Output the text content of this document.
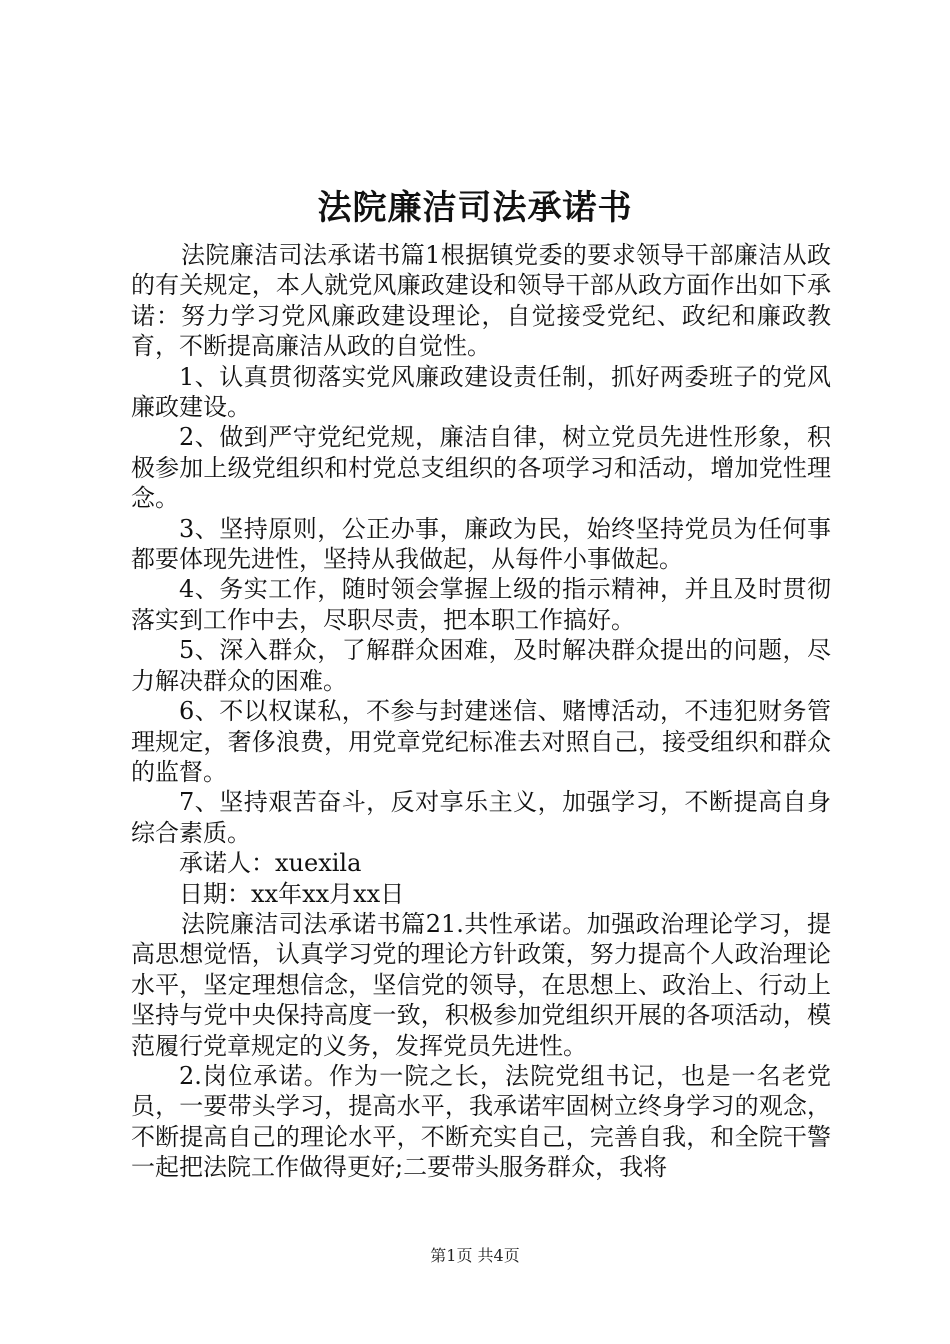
法院廉洁司法承诺书

法院廉洁司法承诺书篇1根据镇党委的要求领导干部廉洁从政的有关规定，本人就党风廉政建设和领导干部从政方面作出如下承诺：努力学习党风廉政建设理论，自觉接受党纪、政纪和廉政教育，不断提高廉洁从政的自觉性。

1、认真贯彻落实党风廉政建设责任制，抓好两委班子的党风廉政建设。

2、做到严守党纪党规，廉洁自律，树立党员先进性形象，积极参加上级党组织和村党总支组织的各项学习和活动，增加党性理念。

3、坚持原则，公正办事，廉政为民，始终坚持党员为任何事都要体现先进性，坚持从我做起，从每件小事做起。

4、务实工作，随时领会掌握上级的指示精神，并且及时贯彻落实到工作中去，尽职尽责，把本职工作搞好。

5、深入群众，了解群众困难，及时解决群众提出的问题，尽力解决群众的困难。

6、不以权谋私，不参与封建迷信、赌博活动，不违犯财务管理规定，奢侈浪费，用党章党纪标准去对照自己，接受组织和群众的监督。

7、坚持艰苦奋斗，反对享乐主义，加强学习，不断提高自身综合素质。

承诺人：xuexila

日期：xx年xx月xx日

法院廉洁司法承诺书篇21.共性承诺。加强政治理论学习，提高思想觉悟，认真学习党的理论方针政策，努力提高个人政治理论水平，坚定理想信念，坚信党的领导，在思想上、政治上、行动上坚持与党中央保持高度一致，积极参加党组织开展的各项活动，模范履行党章规定的义务，发挥党员先进性。

2.岗位承诺。作为一院之长，法院党组书记，也是一名老党员，一要带头学习，提高水平，我承诺牢固树立终身学习的观念，不断提高自己的理论水平，不断充实自己，完善自我，和全院干警一起把法院工作做得更好;二要带头服务群众，我将

第1页 共4页
